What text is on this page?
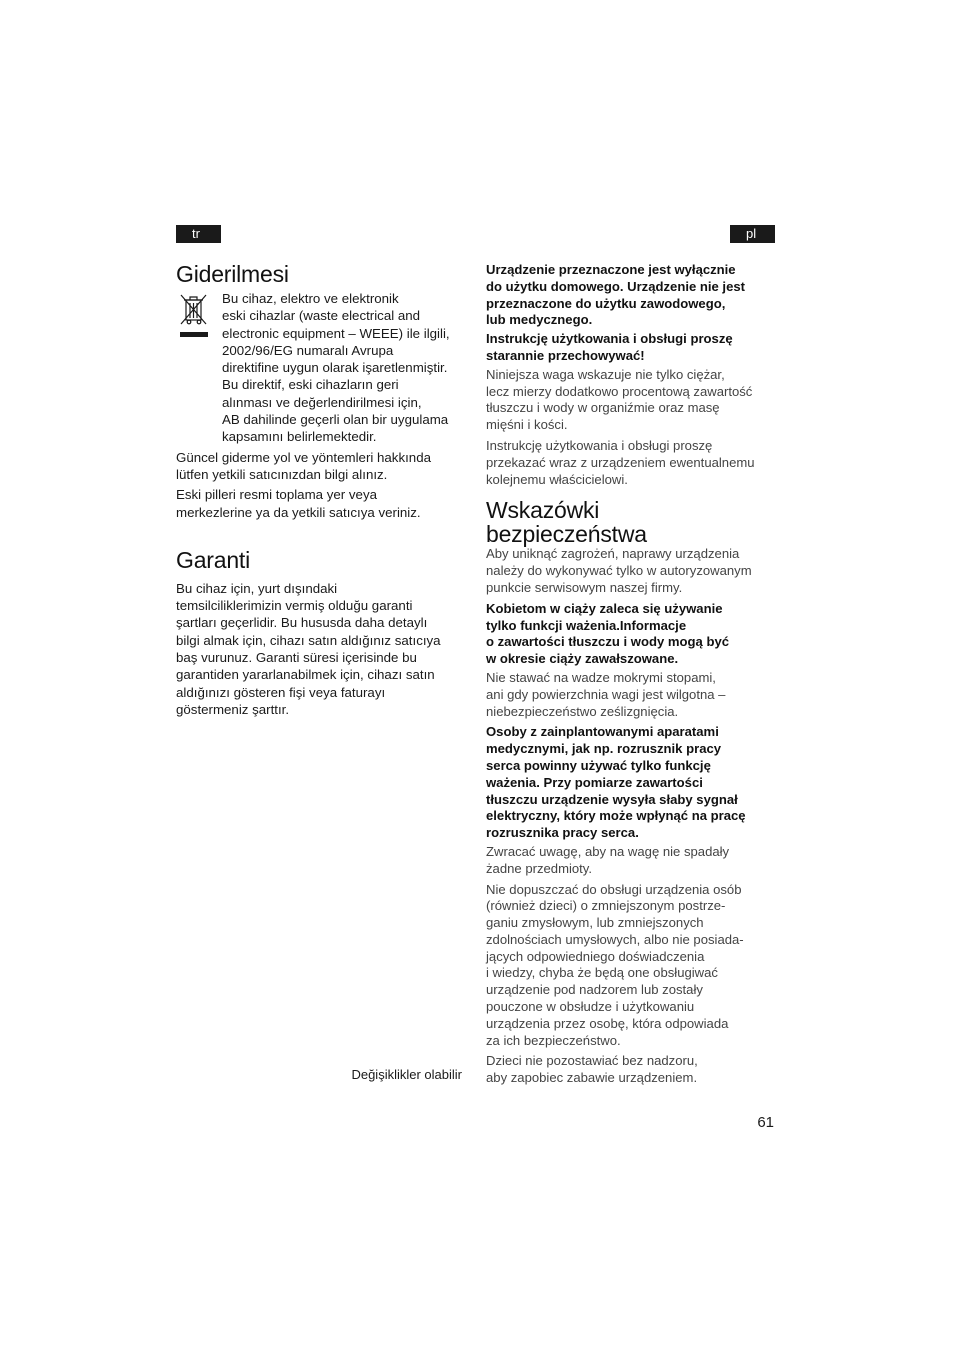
tr	pl
Giderilmesi

Bu cihaz, elektro ve elektronik
eski cihazlar (waste electrical and
electronic equipment – WEEE) ile ilgili,
2002/96/EG numaralı Avrupa
direktifine uygun olarak işaretlenmiştir.
Bu direktif, eski cihazların geri
alınması ve değerlendirilmesi için,
AB dahilinde geçerli olan bir uygulama
kapsamını belirlemektedir.

Güncel giderme yol ve yöntemleri hakkında
lütfen yetkili satıcınızdan bilgi alınız.

Eski pilleri resmi toplama yer veya
merkezlerine ya da yetkili satıcıya veriniz.

Garanti

Bu cihaz için, yurt dışındaki
temsilciliklerimizin vermiş olduğu garanti
şartları geçerlidir. Bu hususda daha detaylı
bilgi almak için, cihazı satın aldığınız satıcıya
baş vurunuz. Garanti süresi içerisinde bu
garantiden yararlanabilmek için, cihazı satın
aldığınızı gösteren fişi veya faturayı
göstermeniz şarttır.

Değişiklikler olabilir

Urządzenie przeznaczone jest wyłącznie
do użytku domowego. Urządzenie nie jest
przeznaczone do użytku zawodowego,
lub medycznego.

Instrukcję użytkowania i obsługi proszę
starannie przechowywać!

Niniejsza waga wskazuje nie tylko ciężar,
lecz mierzy dodatkowo procentową zawartość
tłuszczu i wody w organiźmie oraz masę
mięśni i kości.

Instrukcję użytkowania i obsługi proszę
przekazać wraz z urządzeniem ewentualnemu
kolejnemu właścicielowi.

Wskazówki
bezpieczeństwa

Aby uniknąć zagrożeń, naprawy urządzenia
należy do wykonywać tylko w autoryzowanym
punkcie serwisowym naszej firmy.

Kobietom w ciąży zaleca się używanie
tylko funkcji ważenia.Informacje
o zawartości tłuszczu i wody mogą być
w okresie ciąży zawałszowane.

Nie stawać na wadze mokrymi stopami,
ani gdy powierzchnia wagi jest wilgotna –
niebezpieczeństwo ześlizgnięcia.

Osoby z zainplantowanymi aparatami
medycznymi, jak np. rozrusznik pracy
serca powinny używać tylko funkcję
ważenia. Przy pomiarze zawartości
tłuszczu urządzenie wysyła słaby sygnał
elektryczny, który może wpłynąć na pracę
rozrusznika pracy serca.

Zwracać uwagę, aby na wagę nie spadały
żadne przedmioty.

Nie dopuszczać do obsługi urządzenia osób
(również dzieci) o zmniejszonym postrze-
ganiu zmysłowym, lub zmniejszonych
zdolnościach umysłowych, albo nie posiada-
jących odpowiedniego doświadczenia
i wiedzy, chyba że będą one obsługiwać
urządzenie pod nadzorem lub zostały
pouczone w obsłudze i użytkowaniu
urządzenia przez osobę, która odpowiada
za ich bezpieczeństwo.

Dzieci nie pozostawiać bez nadzoru,
aby zapobiec zabawie urządzeniem.

61
